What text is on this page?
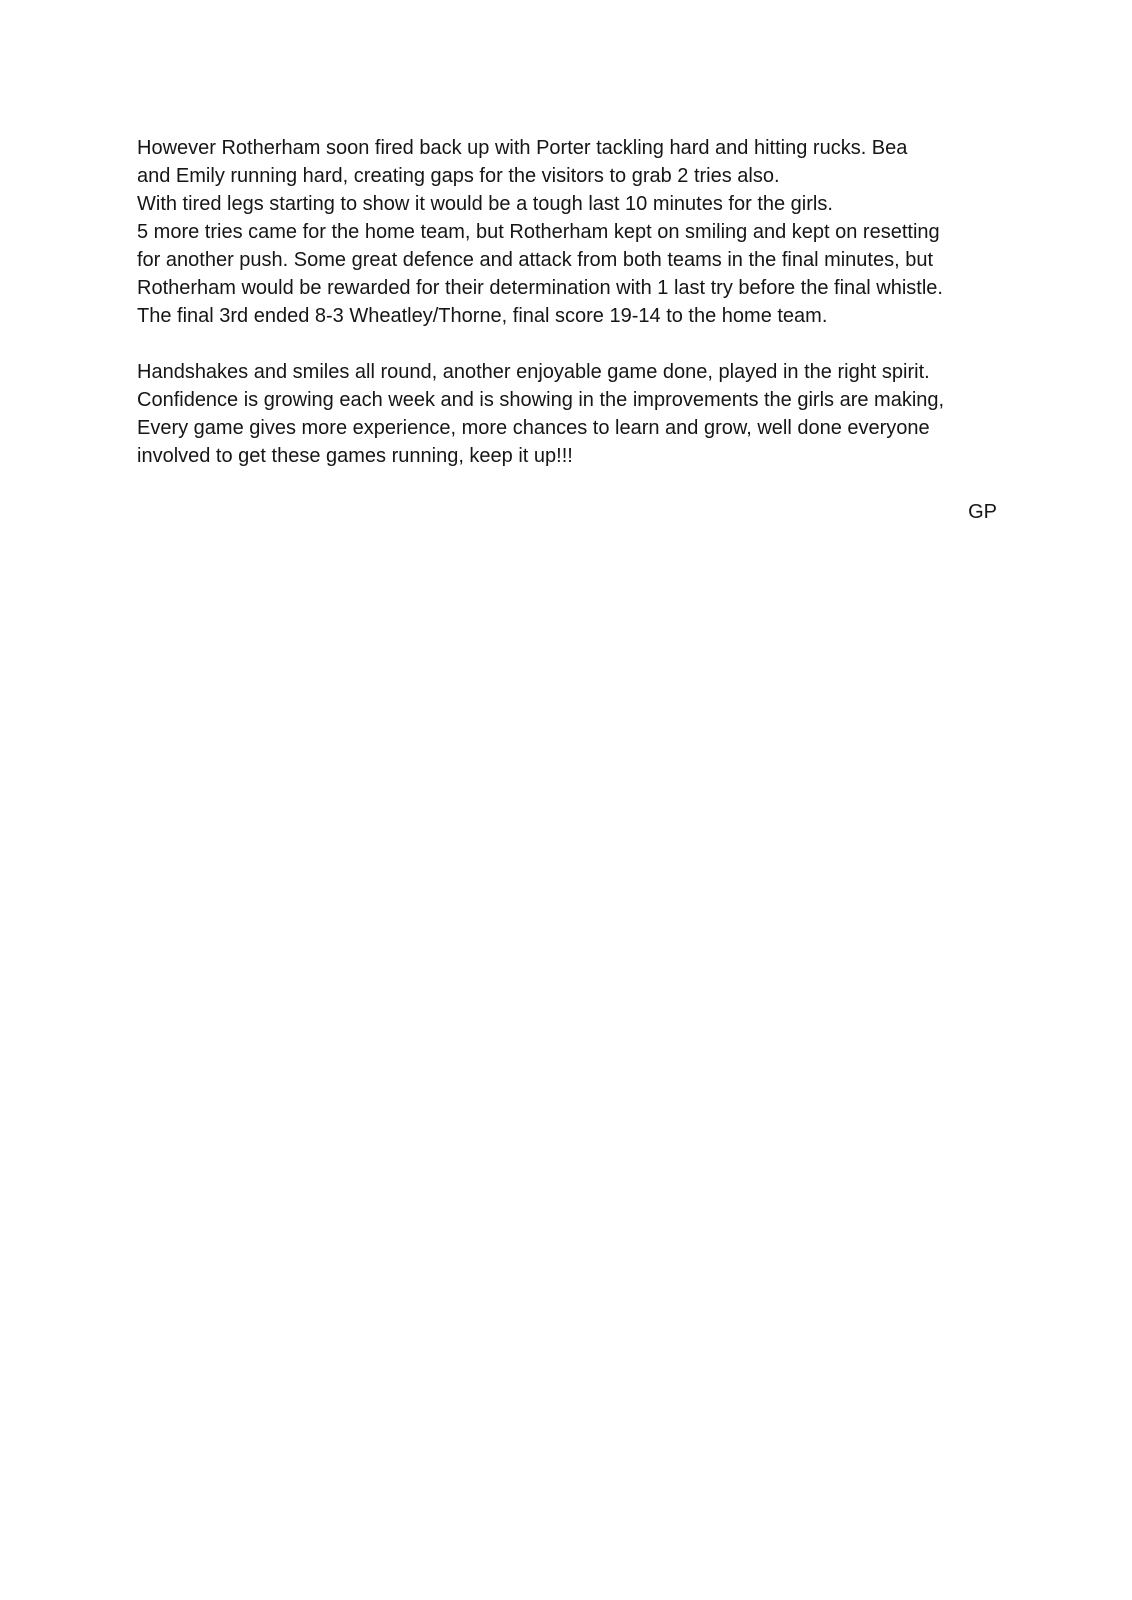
However Rotherham soon fired back up with Porter tackling hard and hitting rucks. Bea
and Emily running hard, creating gaps for the visitors to grab 2 tries also.
With tired legs starting to show it would be a tough last 10 minutes for the girls.
5 more tries came for the home team, but Rotherham kept on smiling and kept on resetting
for another push. Some great defence and attack from both teams in the final minutes, but
Rotherham would be rewarded for their determination with 1 last try before the final whistle.
The final 3rd ended 8-3 Wheatley/Thorne, final score 19-14 to the home team.
Handshakes and smiles all round, another enjoyable game done, played in the right spirit.
Confidence is growing each week and is showing in the improvements the girls are making,
Every game gives more experience, more chances to learn and grow, well done everyone
involved to get these games running, keep it up!!!
GP
